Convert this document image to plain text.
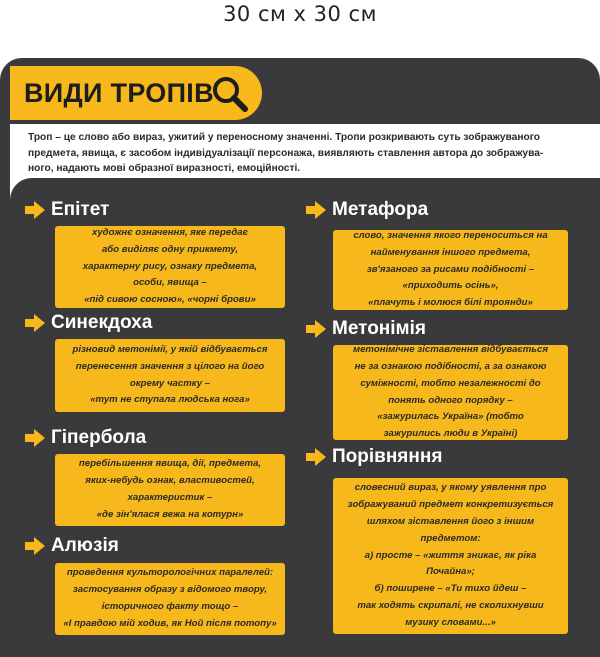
30 см х 30 см
ВИДИ ТРОПІВ
Троп – це слово або вираз, ужитий у переносному значенні. Тропи розкривають суть зображуваного
предмета, явища, є засобом індивідуалізації персонажа, виявляють ставлення автора до зображува-
ного, надають мові образної виразності, емоційності.
Епітет
художнє означення, яке передає
або виділяє одну прикмету,
характерну рису, ознаку предмета,
особи, явища –
«під сивою сосною», «чорні брови»
Синекдоха
різновид метонімії, у якій відбувається
перенесення значення з цілого на його
окрему частку –
«тут не ступала людська нога»
Гіпербола
перебільшення явища, дії, предмета,
яких-небудь ознак, властивостей,
характеристик –
«де зін'ялася вежа на котурн»
Алюзія
проведення культорологічних паралелей:
застосування образу з відомого твору,
історичного факту тощо –
«І правдою мій ходив, як Ной після потопу»
Метафора
слово, значення якого переноситься на
найменування іншого предмета,
зв'язаного за рисами подібності –
«приходить осінь»,
«плачуть і молюся білі троянди»
Метонімія
метонімічне зіставлення відбувається
не за ознакою подібності, а за ознакою
суміжності, тобто незалежності до
понять одного порядку –
«зажурилась Україна» (тобто
зажурились люди в Україні)
Порівняння
словесний вираз, у якому уявлення про
зображуваний предмет конкретизується
шляхом зіставлення його з іншим
предметом:
а) просте – «життя зникає, як ріка
Почайна»;
б) поширене – «Ти тихо йдеш –
так ходять скрипалі, не сколихнувши
музику словами...»
